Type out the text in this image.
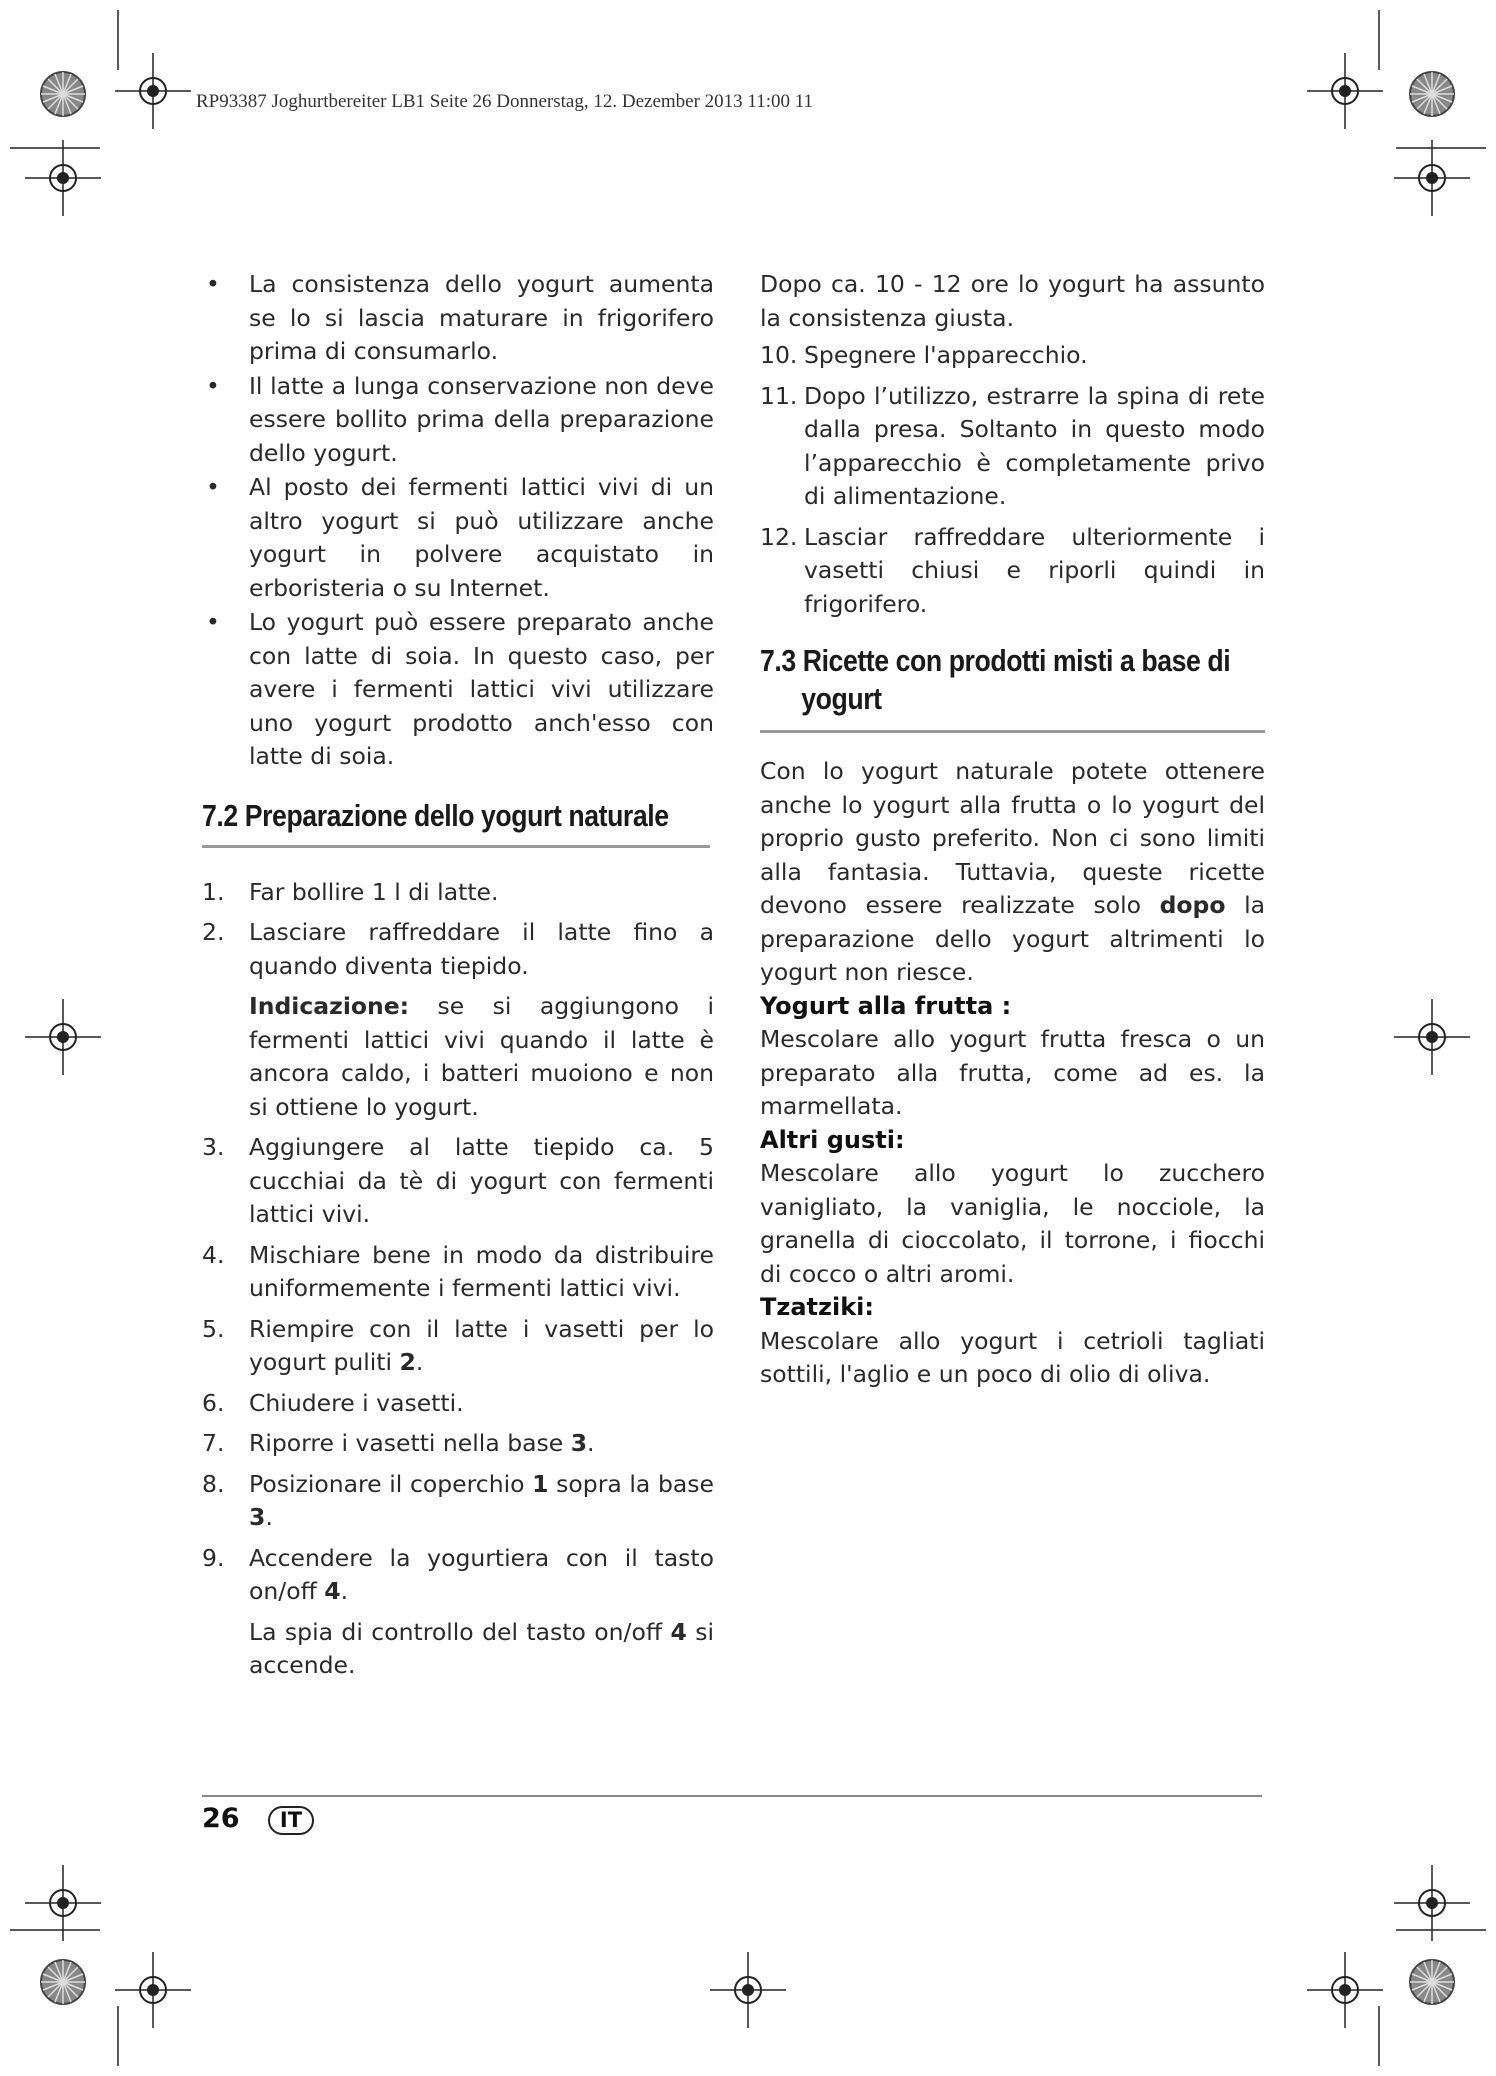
RP93387 Joghurtbereiter LB1 Seite 26 Donnerstag, 12. Dezember 2013 11:00 11

• La consistenza dello yogurt aumenta se lo si lascia maturare in frigorifero prima di consumarlo.

• Il latte a lunga conservazione non deve essere bollito prima della preparazione dello yogurt.

• Al posto dei fermenti lattici vivi di un altro yogurt si può utilizzare anche yogurt in polvere acquistato in erboristeria o su Internet.

• Lo yogurt può essere preparato anche con latte di soia. In questo caso, per avere i fermenti lattici vivi utilizzare uno yogurt prodotto anch'esso con latte di soia.

7.2 Preparazione dello yogurt naturale

1. Far bollire 1 l di latte.

2. Lasciare raffreddare il latte fino a quando diventa tiepido.

Indicazione: se si aggiungono i fermenti lattici vivi quando il latte è ancora caldo, i batteri muoiono e non si ottiene lo yogurt.

3. Aggiungere al latte tiepido ca. 5 cucchiai da tè di yogurt con fermenti lattici vivi.

4. Mischiare bene in modo da distribuire uniformemente i fermenti lattici vivi.

5. Riempire con il latte i vasetti per lo yogurt puliti 2.

6. Chiudere i vasetti.

7. Riporre i vasetti nella base 3.

8. Posizionare il coperchio 1 sopra la base 3.

9. Accendere la yogurtiera con il tasto on/off 4.

La spia di controllo del tasto on/off 4 si accende.

Dopo ca. 10 - 12 ore lo yogurt ha assunto la consistenza giusta.

10. Spegnere l'apparecchio.

11. Dopo l’utilizzo, estrarre la spina di rete dalla presa. Soltanto in questo modo l’apparecchio è completamente privo di alimentazione.

12. Lasciar raffreddare ulteriormente i vasetti chiusi e riporli quindi in frigorifero.

7.3 Ricette con prodotti misti a base di
yogurt

Con lo yogurt naturale potete ottenere anche lo yogurt alla frutta o lo yogurt del proprio gusto preferito. Non ci sono limiti alla fantasia. Tuttavia, queste ricette devono essere realizzate solo dopo la preparazione dello yogurt altrimenti lo yogurt non riesce.

Yogurt alla frutta :

Mescolare allo yogurt frutta fresca o un preparato alla frutta, come ad es. la marmellata.

Altri gusti:

Mescolare allo yogurt lo zucchero vanigliato, la vaniglia, le nocciole, la granella di cioccolato, il torrone, i fiocchi di cocco o altri aromi.

Tzatziki:

Mescolare allo yogurt i cetrioli tagliati sottili, l'aglio e un poco di olio di oliva.

26	IT
